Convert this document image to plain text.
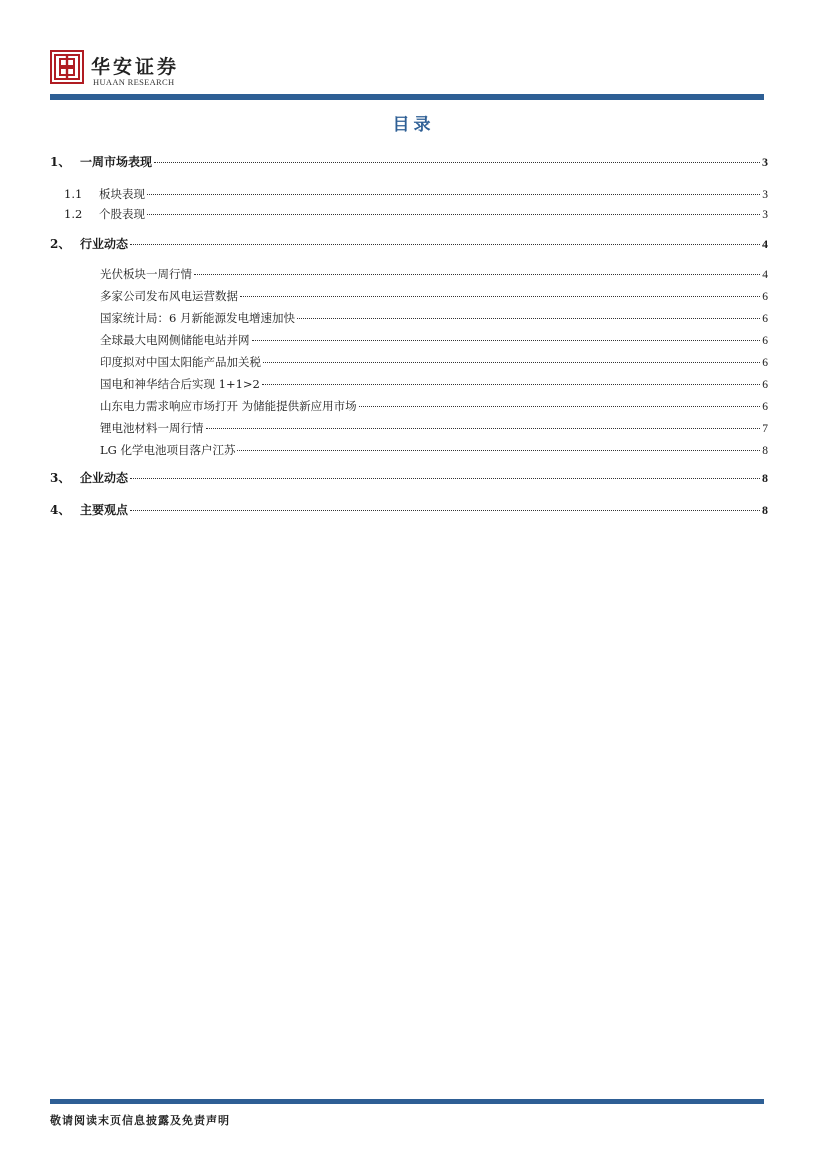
华安证券
HUAAN RESEARCH
目录
1、 一周市场表现	3
1.1	板块表现	3
1.2	个股表现	3
2、 行业动态	4
光伏板块一周行情	4
多家公司发布风电运营数据	6
国家统计局：6 月新能源发电增速加快	6
全球最大电网侧储能电站并网	6
印度拟对中国太阳能产品加关税	6
国电和神华结合后实现 1+1>2	6
山东电力需求响应市场打开 为储能提供新应用市场	6
锂电池材料一周行情	7
LG 化学电池项目落户江苏	8
3、 企业动态	8
4、 主要观点	8
敬请阅读末页信息披露及免责声明
